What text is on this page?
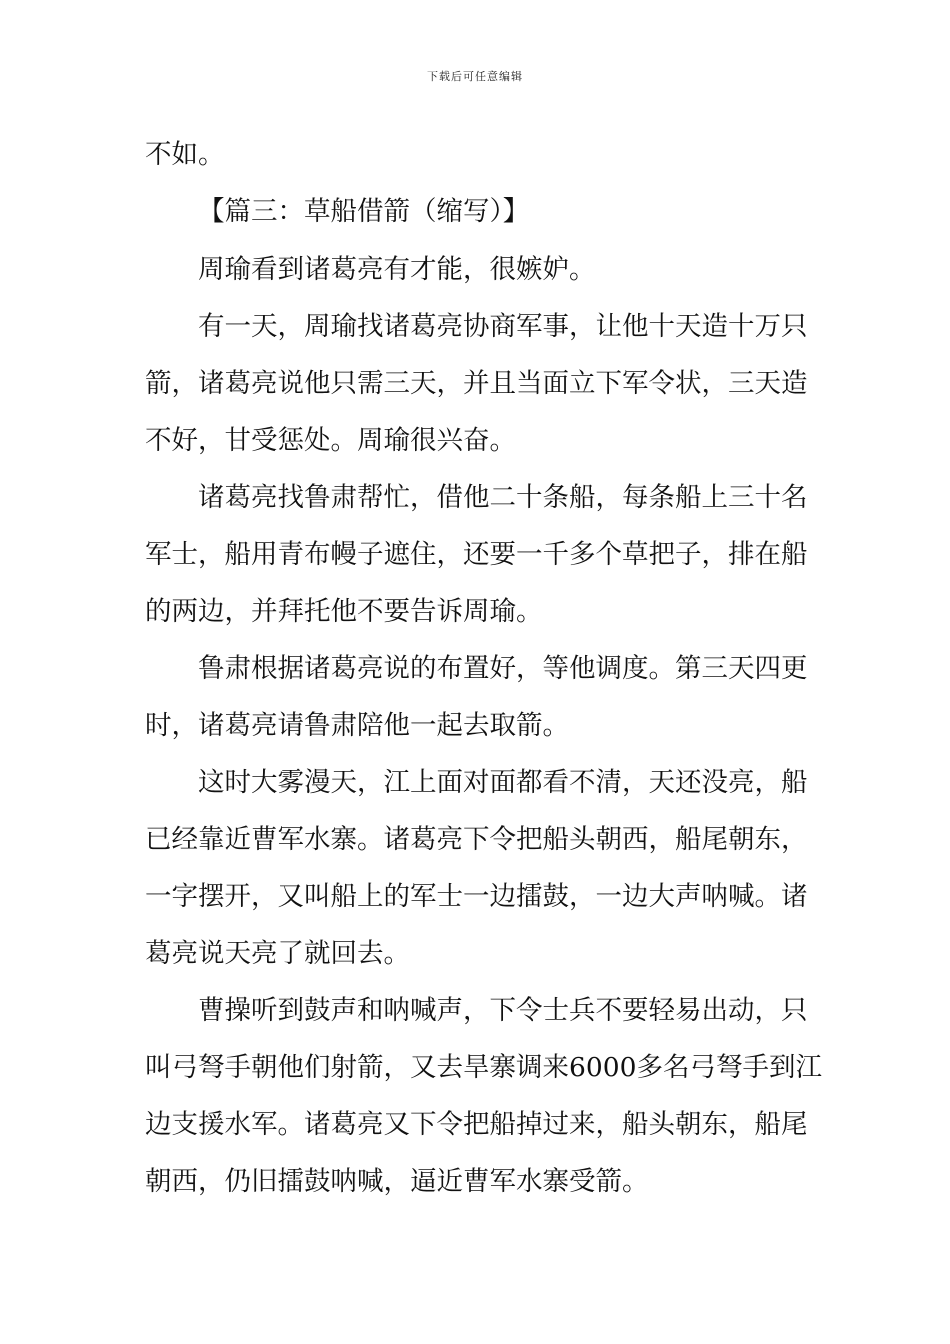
下载后可任意编辑
不如。
【篇三：草船借箭（缩写）】
周瑜看到诸葛亮有才能，很嫉妒。
有 一 天 ， 周 瑜 找 诸 葛 亮 协 商 军 事 ， 让 他 十 天 造 十 万 只
箭 ， 诸 葛 亮 说 他 只 需 三 天 ， 并 且 当 面 立 下 军 令 状 ， 三 天 造
不好，甘受惩处。周瑜很兴奋。
诸 葛 亮 找 鲁 肃 帮 忙 ， 借 他 二 十 条 船 ， 每 条 船 上 三 十 名
军 士 ， 船 用 青 布 幔 子 遮 住 ， 还 要 一 千 多 个 草 把 子 ， 排 在 船
的两边，并拜托他不要告诉周瑜。
鲁 肃 根 据 诸 葛 亮 说 的 布 置 好 ， 等 他 调 度 。 第 三 天 四 更
时，诸葛亮请鲁肃陪他一起去取箭。
这 时 大 雾 漫 天 ， 江 上 面 对 面 都 看 不 清 ， 天 还 没 亮 ， 船
已 经 靠 近 曹 军 水 寨 。 诸 葛 亮 下 令 把 船 头 朝 西 ， 船 尾 朝 东 ，
一 字 摆 开 ， 又 叫 船 上 的 军 士 一 边 擂 鼓 ， 一 边 大 声 呐 喊 。 诸
葛亮说天亮了就回去。
曹 操 听 到 鼓 声 和 呐 喊 声 ， 下 令 士 兵 不 要 轻 易 出 动 ， 只
叫 弓 弩 手 朝 他 们 射 箭 ， 又 去 旱 寨 调 来 6000 多 名 弓 弩 手 到 江
边 支 援 水 军 。 诸 葛 亮 又 下 令 把 船 掉 过 来 ， 船 头 朝 东 ， 船 尾
朝西，仍旧擂鼓呐喊，逼近曹军水寨受箭。
